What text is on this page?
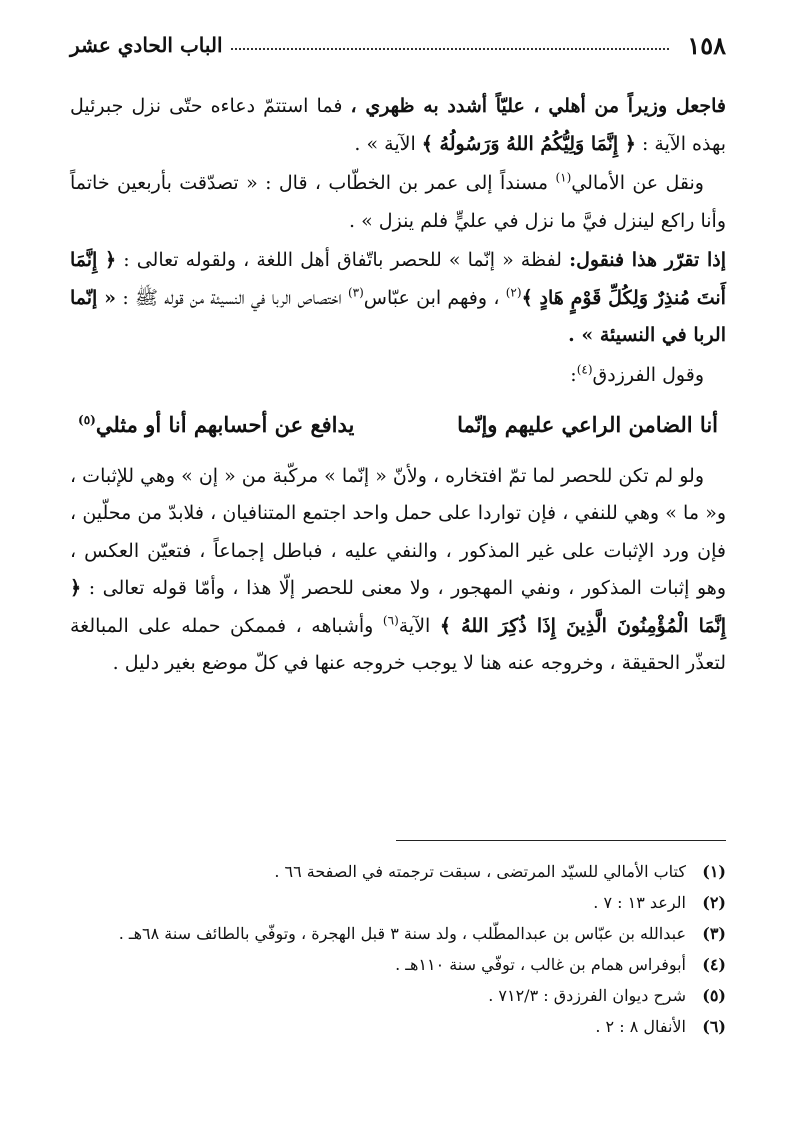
١٥٨
الباب الحادي عشر

فاجعل وزيراً من أهلي ، عليّاً أشدد به ظهري ، فما استتمّ دعاءه حتّى نزل جبرئيل بهذه الآية : ﴿ إِنَّمَا وَلِيُّكُمُ اللهُ وَرَسُولُهُ ﴾ الآية » .

ونقل عن الأمالي$^{(١)}$ مسنداً إلى عمر بن الخطّاب ، قال : « تصدّقت بأربعين خاتماً وأنا راكع لينزل فيَّ ما نزل في عليٍّ فلم ينزل » .

إذا تقرّر هذا فنقول: لفظة « إنّما » للحصر باتّفاق أهل اللغة ، ولقوله تعالى : ﴿ إِنَّمَا أَنتَ مُنذِرٌ وَلِكُلِّ قَوْمٍ هَادٍ ﴾$^{(٢)}$ ، وفهم ابن عبّاس$^{(٣)}$ اختصاص الربا في النسيئة من قوله ﷺ : « إنّما الربا في النسيئة » .

وقول الفرزدق$^{(٤)}$:

أنا الضامن الراعي عليهم وإنّما
يدافع عن أحسابهم أنا أو مثلي$^{(٥)}$

ولو لم تكن للحصر لما تمّ افتخاره ، ولأنّ « إنّما » مركّبة من « إن » وهي للإثبات ، و« ما » وهي للنفي ، فإن تواردا على حمل واحد اجتمع المتنافيان ، فلابدّ من محلّين ، فإن ورد الإثبات على غير المذكور ، والنفي عليه ، فباطل إجماعاً ، فتعيّن العكس ، وهو إثبات المذكور ، ونفي المهجور ، ولا معنى للحصر إلّا هذا ، وأمّا قوله تعالى : ﴿ إِنَّمَا الْمُؤْمِنُونَ الَّذِينَ إِذَا ذُكِرَ اللهُ ﴾ الآية$^{(٦)}$ وأشباهه ، فممكن حمله على المبالغة لتعذّر الحقيقة ، وخروجه عنه هنا لا يوجب خروجه عنها في كلّ موضع بغير دليل .

(١)
كتاب الأمالي للسيّد المرتضى ، سبقت ترجمته في الصفحة ٦٦ .
(٢)
الرعد ١٣ : ٧ .
(٣)
عبدالله بن عبّاس بن عبدالمطّلب ، ولد سنة ٣ قبل الهجرة ، وتوفّي بالطائف سنة ٦٨هـ .
(٤)
أبوفراس همام بن غالب ، توفّي سنة ١١٠هـ .
(٥)
شرح ديوان الفرزدق : ٧١٢/٣ .
(٦)
الأنفال ٨ : ٢ .
